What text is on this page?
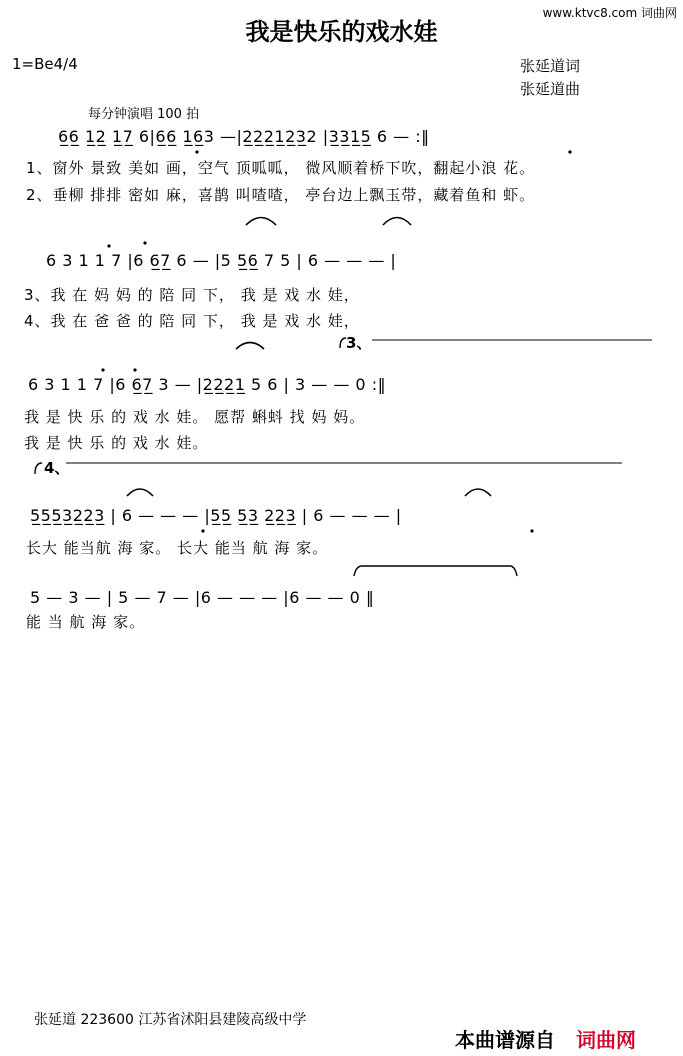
www.ktvc8.com 词曲网
我是快乐的戏水娃
1=Be4/4	张延道词
张延道曲
每分钟演唱 100 拍
6̲6̲ 1̲2̲ 1̲7̲ 6|6̲6̲ 1̲6̲3 —|2̲2̲2̲1̲2̲3̲2 |3̲3̲1̲5̲ 6 — :‖
1、窗外 景致 美如 画，空气 顶呱呱， 微风顺着桥下吹，翻起小浪 花。
2、垂柳 排排 密如 麻，喜鹊 叫喳喳， 亭台边上飘玉带，藏着鱼和 虾。
6 3 1 1 7 |6 6̲7̲ 6 — |5 5̲6̲ 7 5 | 6 — — — |
3、我 在 妈 妈 的 陪 同 下， 我 是 戏 水 娃，
4、我 在 爸 爸 的 陪 同 下， 我 是 戏 水 娃，
3、
6 3 1 1 7 |6 6̲7̲ 3 — |2̲2̲2̲1̲ 5 6 | 3 — — 0 :‖
我 是 快 乐 的 戏 水 娃。 愿帮 蝌蚪 找 妈 妈。
我 是 快 乐 的 戏 水 娃。
4、
5̲5̲5̲3̲2̲2̲3̲ | 6 — — — |5̲5̲ 5̲3̲ 2̲2̲3̲ | 6 — — — |
长大 能当航 海 家。 长大 能当 航 海 家。
5 — 3 — | 5 — 7 — |6 — — — |6 — — 0 ‖
能 当 航 海 家。
张延道 223600 江苏省沭阳县建陵高级中学
本曲谱源自 词曲网
